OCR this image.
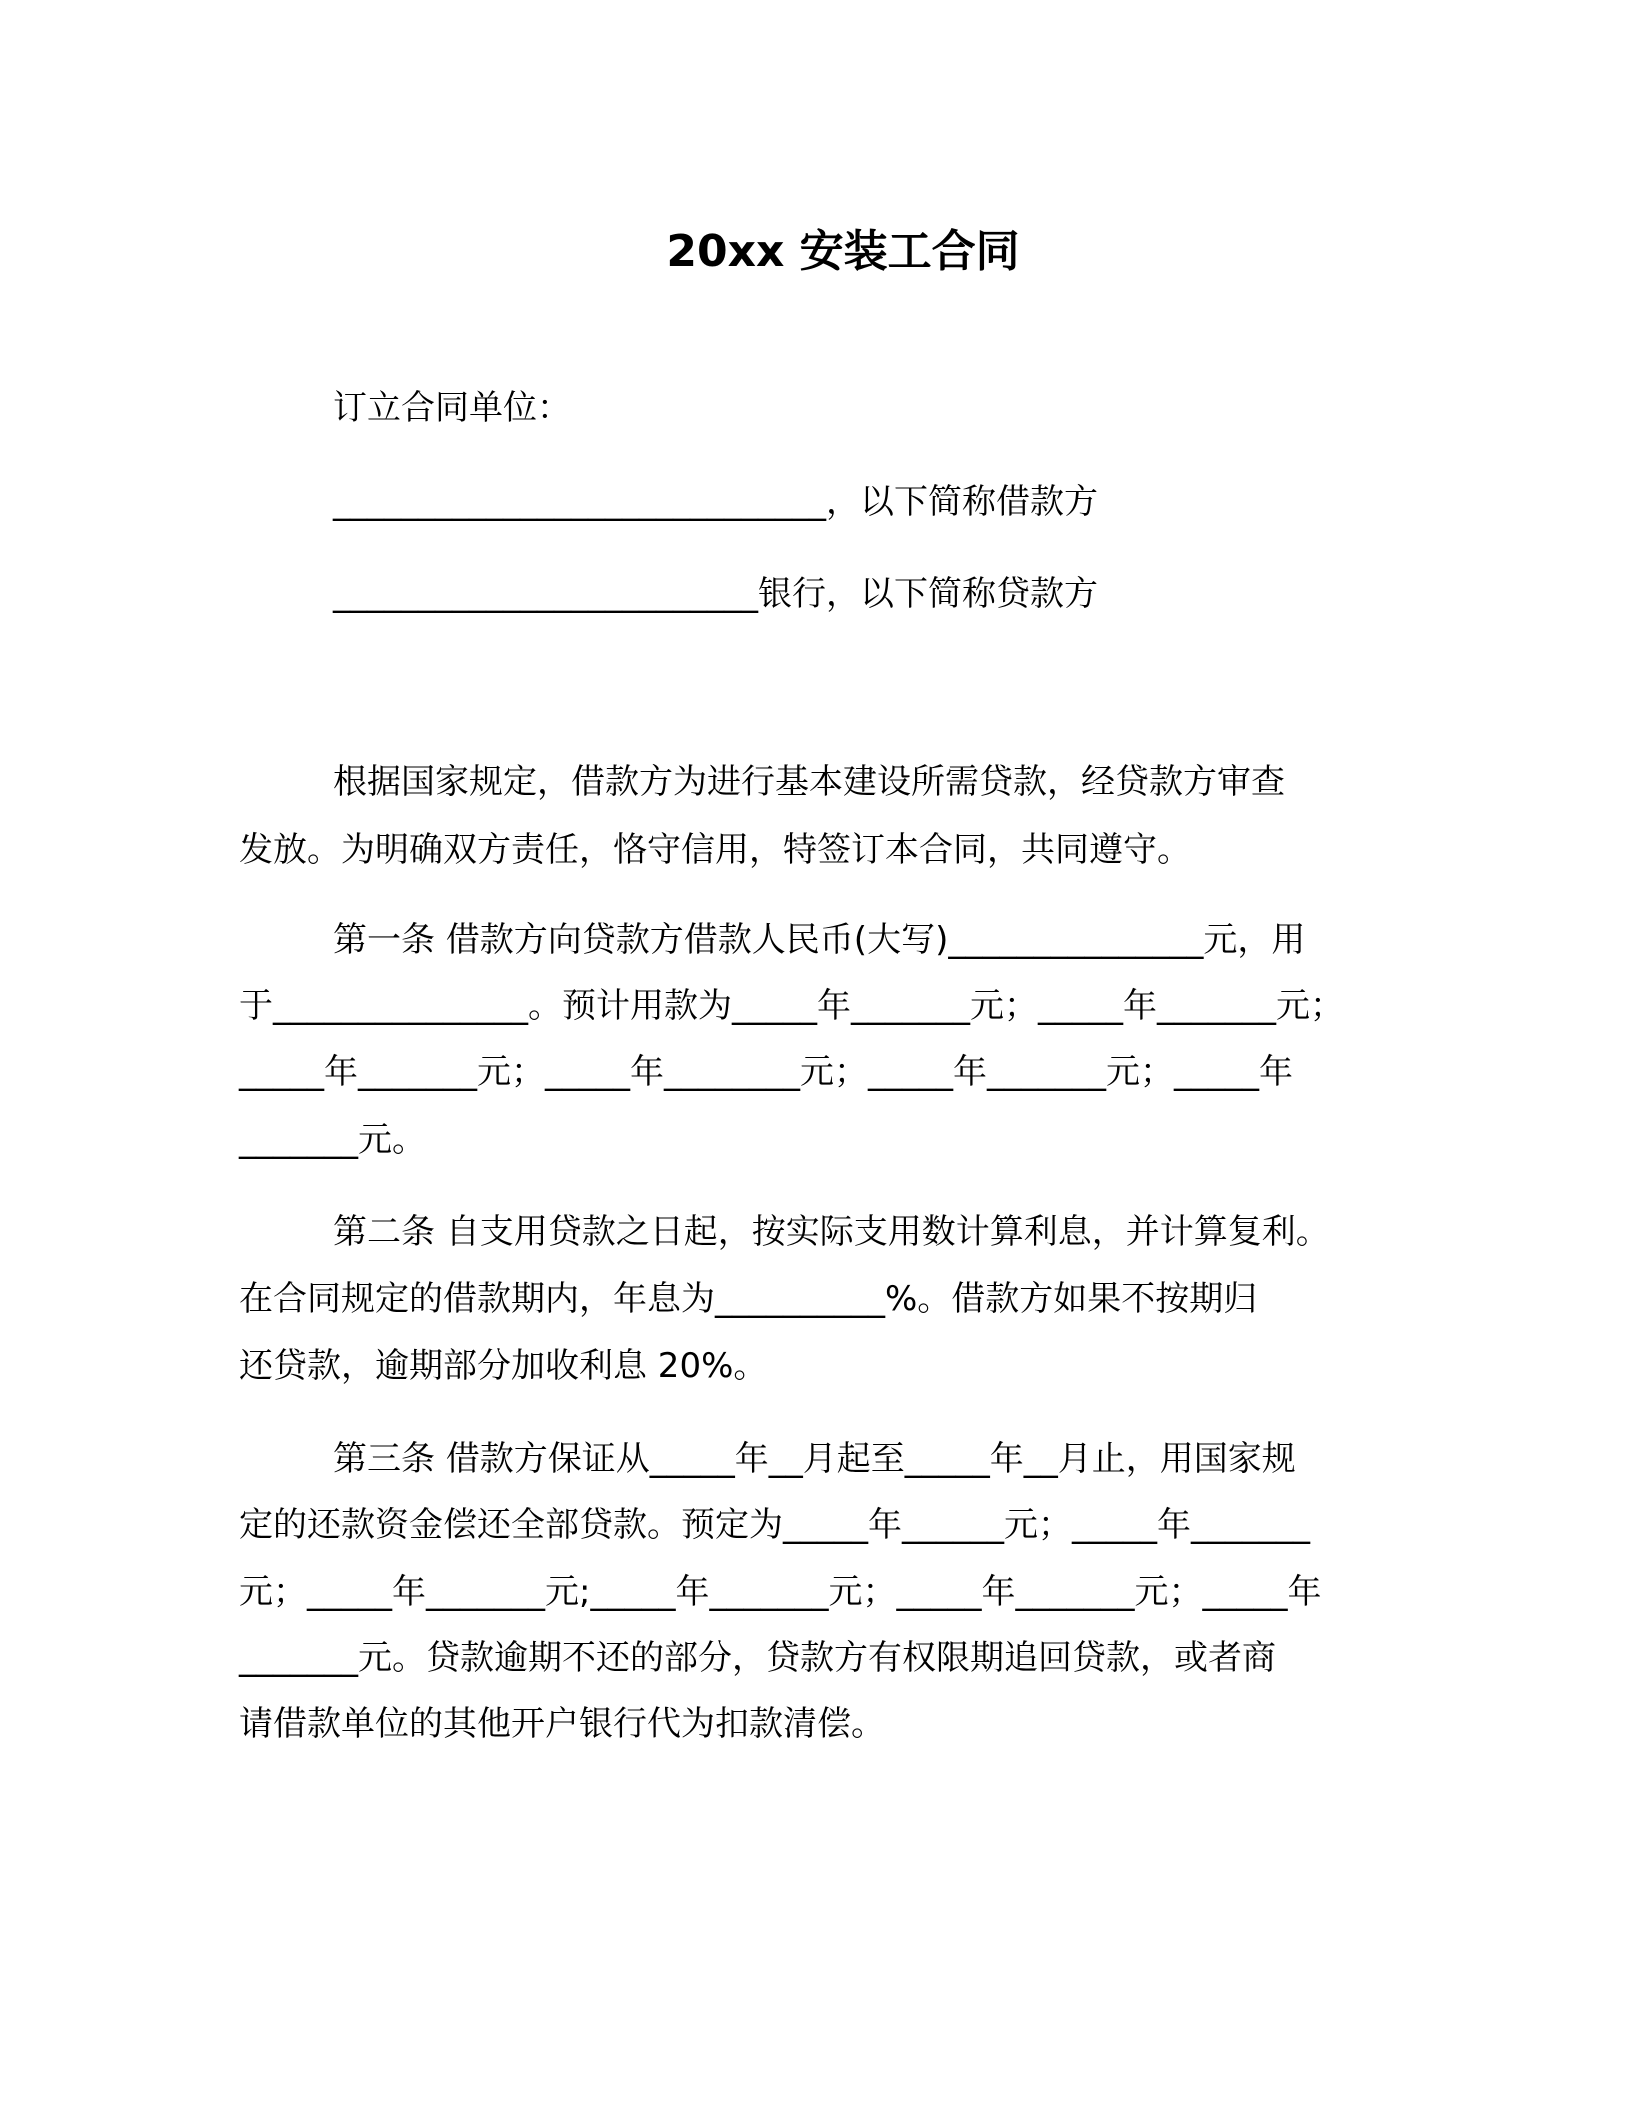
20xx 安装工合同
订立合同单位：
_____________________________，以下简称借款方
_________________________银行，以下简称贷款方
根据国家规定，借款方为进行基本建设所需贷款，经贷款方审查
发放。为明确双方责任，恪守信用，特签订本合同，共同遵守。
第一条 借款方向贷款方借款人民币(大写)_______________元，用
于_______________。预计用款为_____年_______元；_____年_______元；
_____年_______元；_____年________元；_____年_______元；_____年
_______元。
第二条 自支用贷款之日起，按实际支用数计算利息，并计算复利。
在合同规定的借款期内，年息为__________%。借款方如果不按期归
还贷款，逾期部分加收利息 20%。
第三条 借款方保证从_____年__月起至_____年__月止，用国家规
定的还款资金偿还全部贷款。预定为_____年______元；_____年_______
元；_____年_______元;_____年_______元；_____年_______元；_____年
_______元。贷款逾期不还的部分，贷款方有权限期追回贷款，或者商
请借款单位的其他开户银行代为扣款清偿。
